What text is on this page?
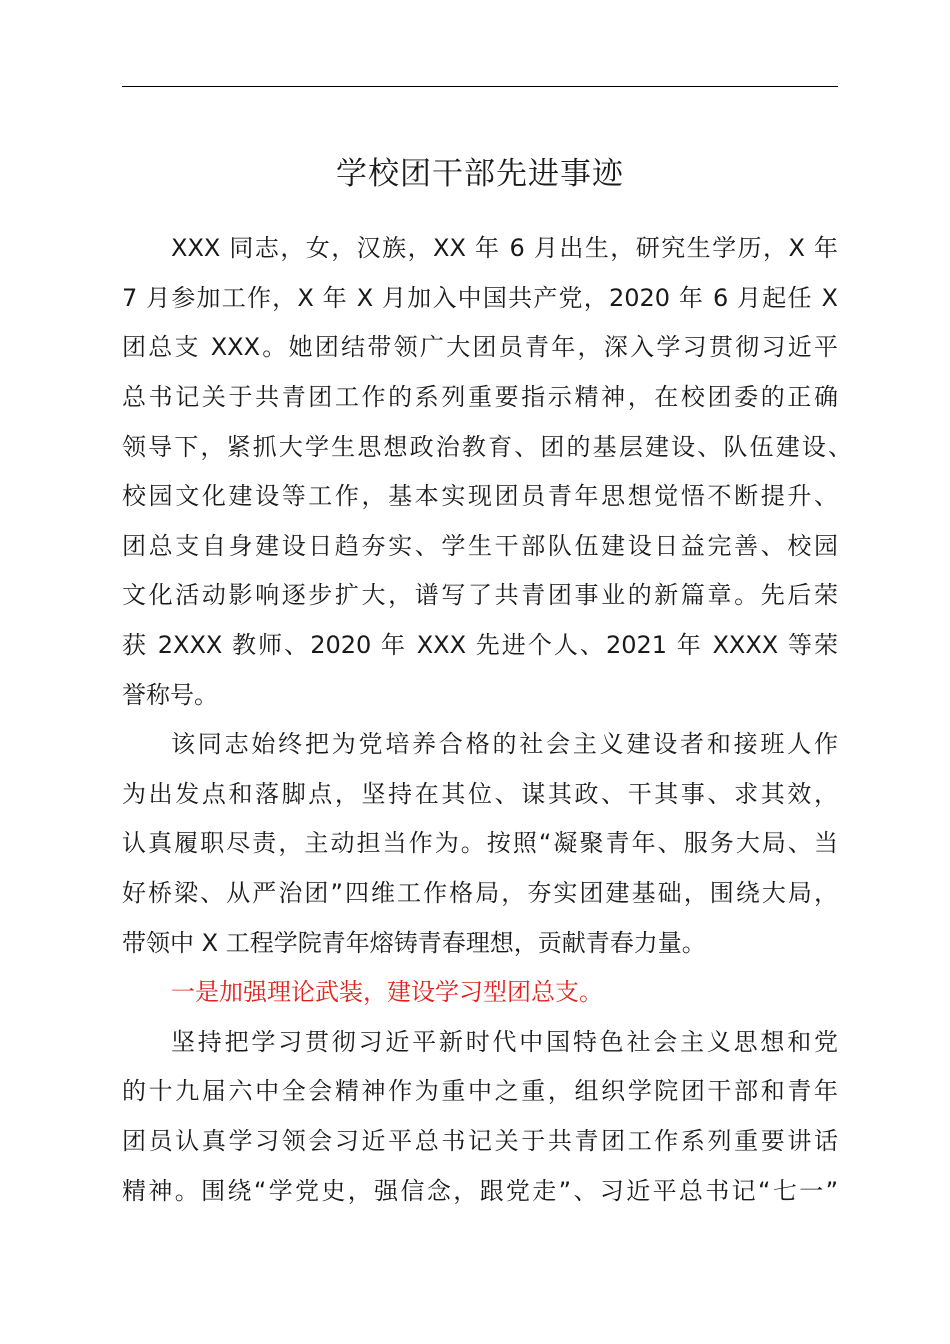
学校团干部先进事迹

XXX 同志，女，汉族，XX 年 6 月出生，研究生学历，X 年

7 月参加工作，X 年 X 月加入中国共产党，2020 年 6 月起任 X

团总支 XXX。她团结带领广大团员青年，深入学习贯彻习近平

总书记关于共青团工作的系列重要指示精神，在校团委的正确

领导下，紧抓大学生思想政治教育、团的基层建设、队伍建设、

校园文化建设等工作，基本实现团员青年思想觉悟不断提升、

团总支自身建设日趋夯实、学生干部队伍建设日益完善、校园

文化活动影响逐步扩大，谱写了共青团事业的新篇章。先后荣

获 2XXX 教师、2020 年 XXX 先进个人、2021 年 XXXX 等荣

誉称号。

该同志始终把为党培养合格的社会主义建设者和接班人作

为出发点和落脚点，坚持在其位、谋其政、干其事、求其效，

认真履职尽责，主动担当作为。按照“凝聚青年、服务大局、当

好桥梁、从严治团”四维工作格局，夯实团建基础，围绕大局，

带领中 X 工程学院青年熔铸青春理想，贡献青春力量。

一是加强理论武装，建设学习型团总支。

坚持把学习贯彻习近平新时代中国特色社会主义思想和党

的十九届六中全会精神作为重中之重，组织学院团干部和青年

团员认真学习领会习近平总书记关于共青团工作系列重要讲话

精神。围绕“学党史，强信念，跟党走”、习近平总书记“七一”
